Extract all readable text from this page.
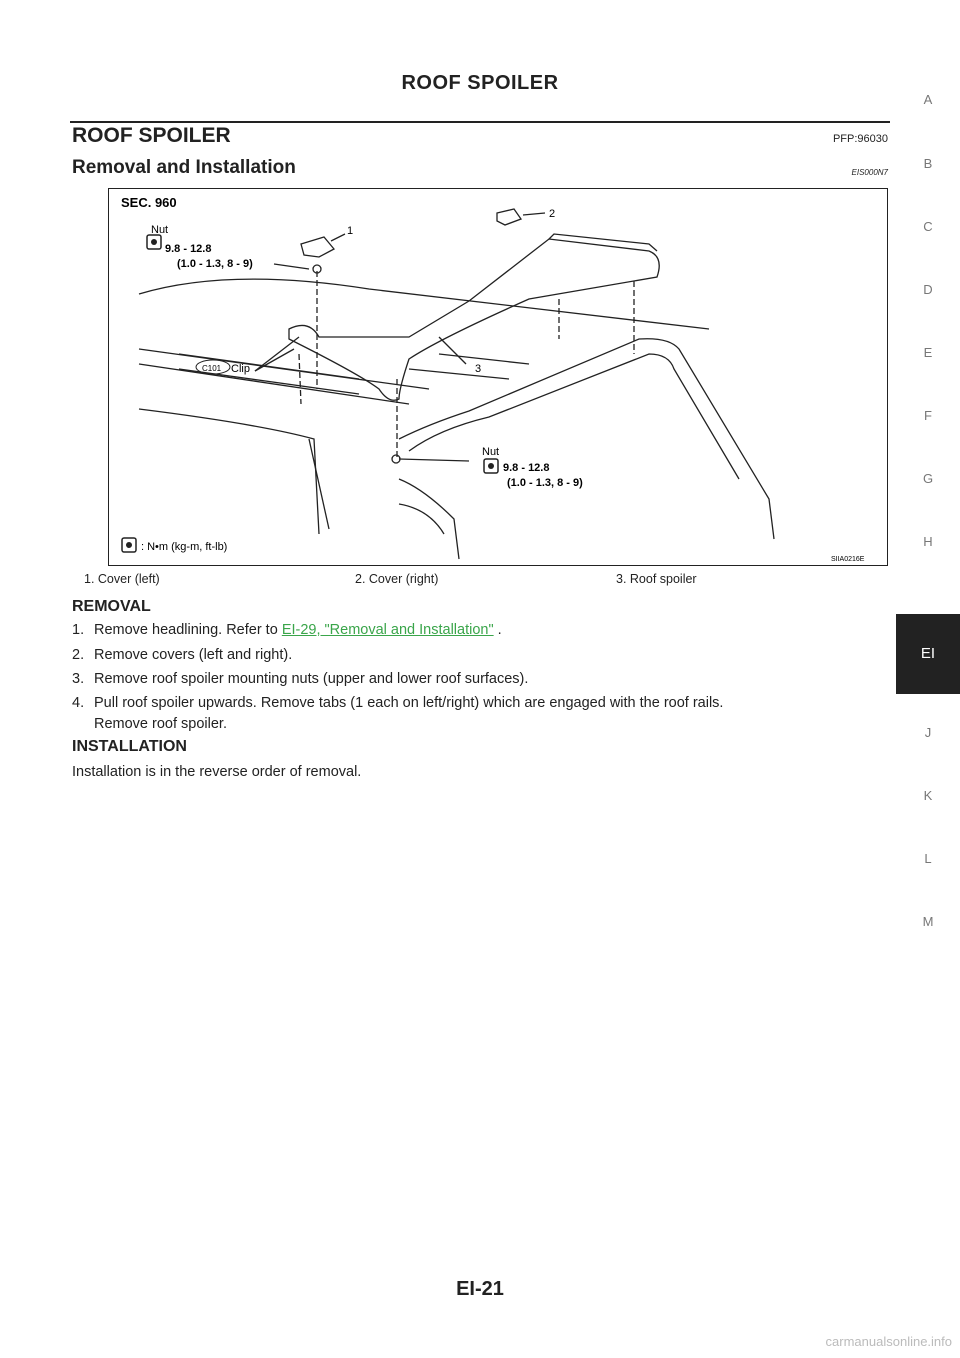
ROOF SPOILER
ROOF SPOILER	PFP:96030
Removal and Installation	EIS000N7
SEC. 960
Nut
9.8 - 12.8
(1.0 - 1.3, 8 - 9)
C101 Clip
1
2
3
Nut
9.8 - 12.8
(1.0 - 1.3, 8 - 9)
: N•m (kg-m, ft-lb)
SIIA0216E
1. Cover (left)	2. Cover (right)	3. Roof spoiler
REMOVAL
1. Remove headlining. Refer to EI-29, "Removal and Installation" .
2. Remove covers (left and right).
3. Remove roof spoiler mounting nuts (upper and lower roof surfaces).
4. Pull roof spoiler upwards. Remove tabs (1 each on left/right) which are engaged with the roof rails.
Remove roof spoiler.
INSTALLATION
Installation is in the reverse order of removal.
A
B
C
D
E
F
G
H
EI
J
K
L
M
EI-21
carmanualsonline.info
